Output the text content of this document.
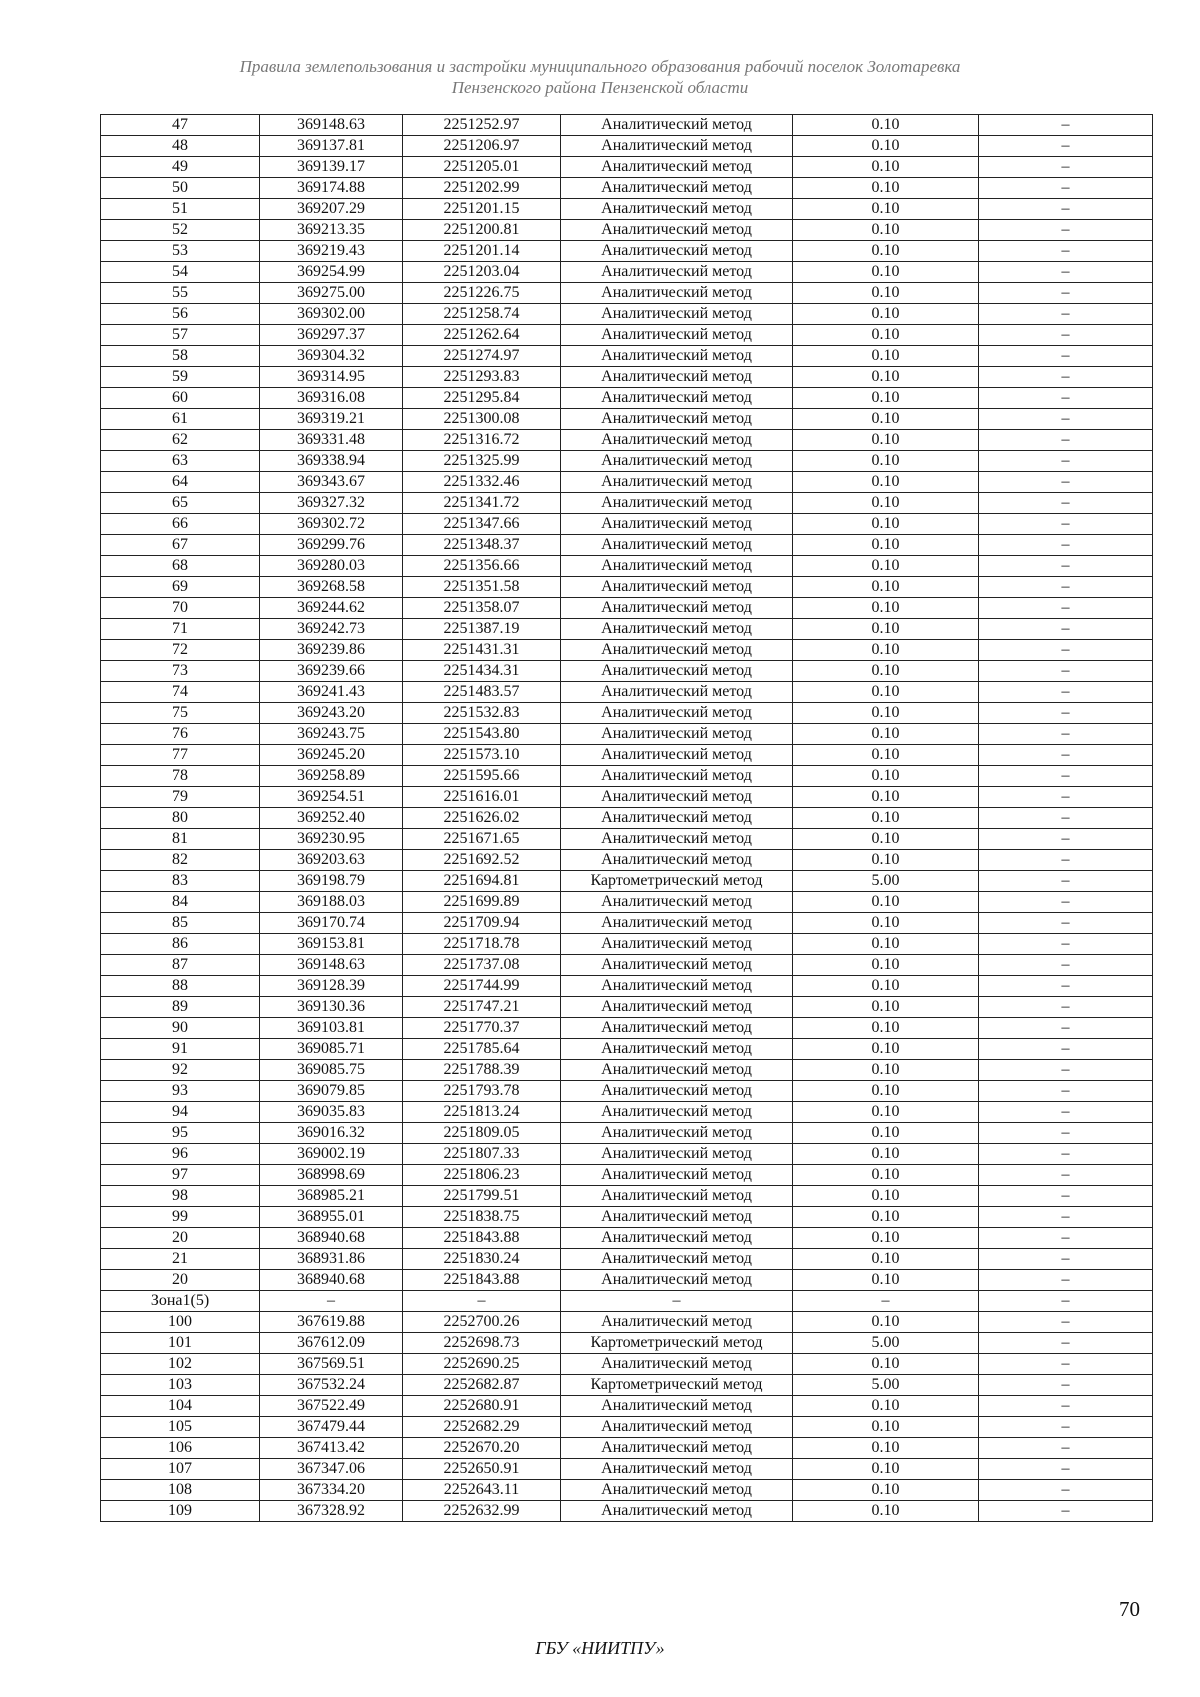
Правила землепользования и застройки муниципального образования рабочий поселок Золотаревка
Пензенского района Пензенской области
47	369148.63	2251252.97	Аналитический метод	0.10	–
48	369137.81	2251206.97	Аналитический метод	0.10	–
49	369139.17	2251205.01	Аналитический метод	0.10	–
50	369174.88	2251202.99	Аналитический метод	0.10	–
51	369207.29	2251201.15	Аналитический метод	0.10	–
52	369213.35	2251200.81	Аналитический метод	0.10	–
53	369219.43	2251201.14	Аналитический метод	0.10	–
54	369254.99	2251203.04	Аналитический метод	0.10	–
55	369275.00	2251226.75	Аналитический метод	0.10	–
56	369302.00	2251258.74	Аналитический метод	0.10	–
57	369297.37	2251262.64	Аналитический метод	0.10	–
58	369304.32	2251274.97	Аналитический метод	0.10	–
59	369314.95	2251293.83	Аналитический метод	0.10	–
60	369316.08	2251295.84	Аналитический метод	0.10	–
61	369319.21	2251300.08	Аналитический метод	0.10	–
62	369331.48	2251316.72	Аналитический метод	0.10	–
63	369338.94	2251325.99	Аналитический метод	0.10	–
64	369343.67	2251332.46	Аналитический метод	0.10	–
65	369327.32	2251341.72	Аналитический метод	0.10	–
66	369302.72	2251347.66	Аналитический метод	0.10	–
67	369299.76	2251348.37	Аналитический метод	0.10	–
68	369280.03	2251356.66	Аналитический метод	0.10	–
69	369268.58	2251351.58	Аналитический метод	0.10	–
70	369244.62	2251358.07	Аналитический метод	0.10	–
71	369242.73	2251387.19	Аналитический метод	0.10	–
72	369239.86	2251431.31	Аналитический метод	0.10	–
73	369239.66	2251434.31	Аналитический метод	0.10	–
74	369241.43	2251483.57	Аналитический метод	0.10	–
75	369243.20	2251532.83	Аналитический метод	0.10	–
76	369243.75	2251543.80	Аналитический метод	0.10	–
77	369245.20	2251573.10	Аналитический метод	0.10	–
78	369258.89	2251595.66	Аналитический метод	0.10	–
79	369254.51	2251616.01	Аналитический метод	0.10	–
80	369252.40	2251626.02	Аналитический метод	0.10	–
81	369230.95	2251671.65	Аналитический метод	0.10	–
82	369203.63	2251692.52	Аналитический метод	0.10	–
83	369198.79	2251694.81	Картометрический метод	5.00	–
84	369188.03	2251699.89	Аналитический метод	0.10	–
85	369170.74	2251709.94	Аналитический метод	0.10	–
86	369153.81	2251718.78	Аналитический метод	0.10	–
87	369148.63	2251737.08	Аналитический метод	0.10	–
88	369128.39	2251744.99	Аналитический метод	0.10	–
89	369130.36	2251747.21	Аналитический метод	0.10	–
90	369103.81	2251770.37	Аналитический метод	0.10	–
91	369085.71	2251785.64	Аналитический метод	0.10	–
92	369085.75	2251788.39	Аналитический метод	0.10	–
93	369079.85	2251793.78	Аналитический метод	0.10	–
94	369035.83	2251813.24	Аналитический метод	0.10	–
95	369016.32	2251809.05	Аналитический метод	0.10	–
96	369002.19	2251807.33	Аналитический метод	0.10	–
97	368998.69	2251806.23	Аналитический метод	0.10	–
98	368985.21	2251799.51	Аналитический метод	0.10	–
99	368955.01	2251838.75	Аналитический метод	0.10	–
20	368940.68	2251843.88	Аналитический метод	0.10	–
21	368931.86	2251830.24	Аналитический метод	0.10	–
20	368940.68	2251843.88	Аналитический метод	0.10	–
Зона1(5)	–	–	–	–	–
100	367619.88	2252700.26	Аналитический метод	0.10	–
101	367612.09	2252698.73	Картометрический метод	5.00	–
102	367569.51	2252690.25	Аналитический метод	0.10	–
103	367532.24	2252682.87	Картометрический метод	5.00	–
104	367522.49	2252680.91	Аналитический метод	0.10	–
105	367479.44	2252682.29	Аналитический метод	0.10	–
106	367413.42	2252670.20	Аналитический метод	0.10	–
107	367347.06	2252650.91	Аналитический метод	0.10	–
108	367334.20	2252643.11	Аналитический метод	0.10	–
109	367328.92	2252632.99	Аналитический метод	0.10	–
70
ГБУ «НИИТПУ»
